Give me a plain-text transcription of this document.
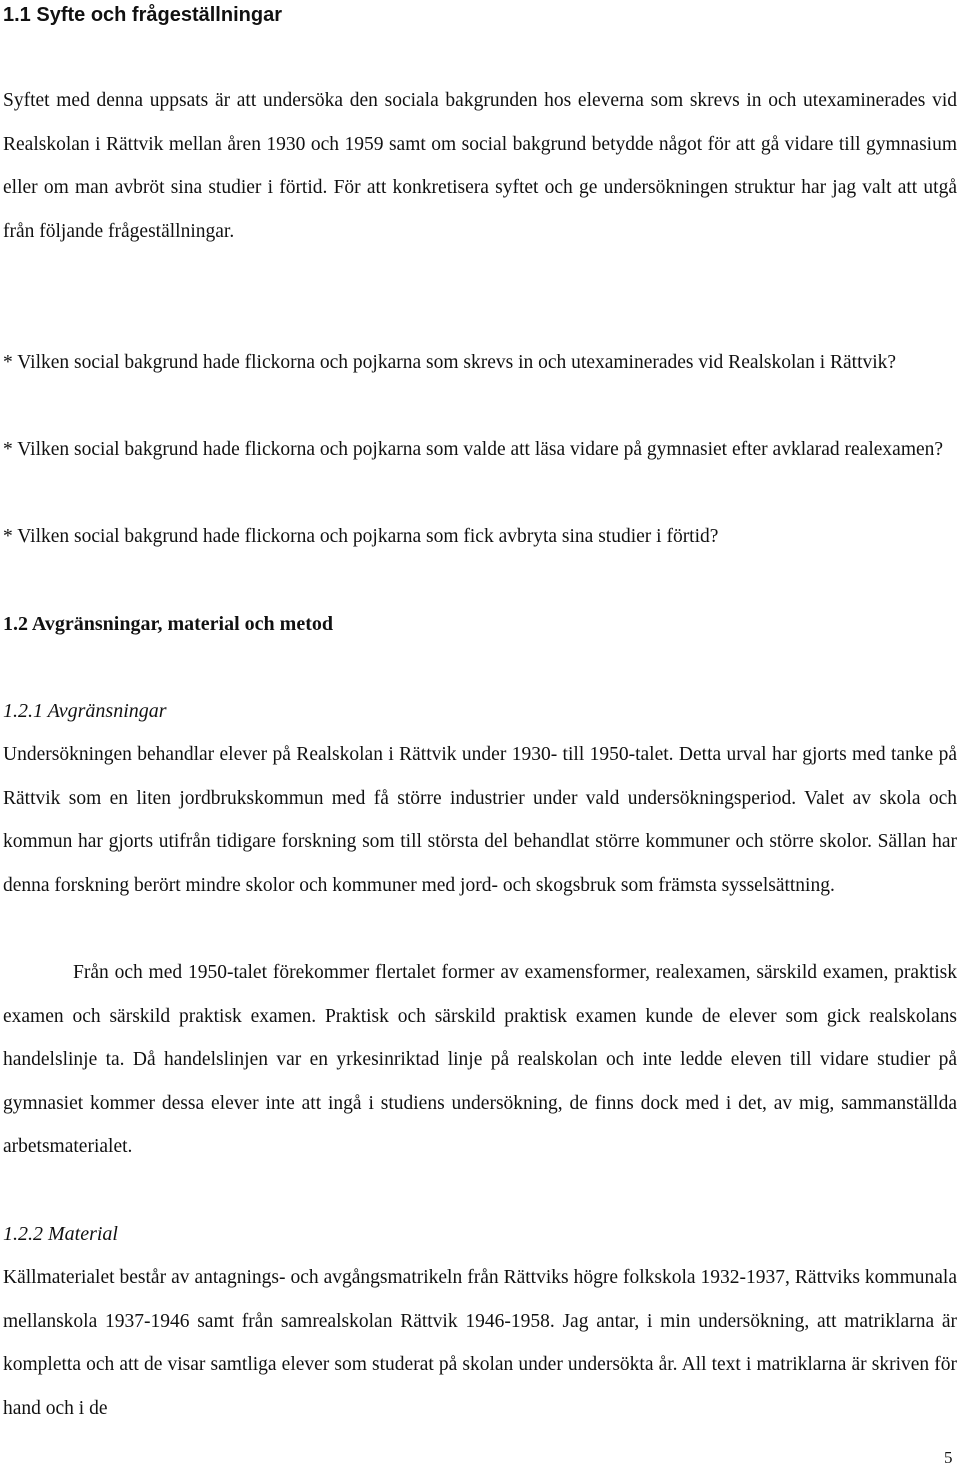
1.1 Syfte och frågeställningar

Syftet med denna uppsats är att undersöka den sociala bakgrunden hos eleverna som skrevs in och utexaminerades vid Realskolan i Rättvik mellan åren 1930 och 1959 samt om social bakgrund betydde något för att gå vidare till gymnasium eller om man avbröt sina studier i förtid. För att konkretisera syftet och ge undersökningen struktur har jag valt att utgå från följande frågeställningar.

* Vilken social bakgrund hade flickorna och pojkarna som skrevs in och utexaminerades vid Realskolan i Rättvik?

* Vilken social bakgrund hade flickorna och pojkarna som valde att läsa vidare på gymnasiet efter avklarad realexamen?

* Vilken social bakgrund hade flickorna och pojkarna som fick avbryta sina studier i förtid?

1.2 Avgränsningar, material och metod
1.2.1 Avgränsningar

Undersökningen behandlar elever på Realskolan i Rättvik under 1930- till 1950-talet. Detta urval har gjorts med tanke på Rättvik som en liten jordbrukskommun med få större industrier under vald undersökningsperiod. Valet av skola och kommun har gjorts utifrån tidigare forskning som till största del behandlat större kommuner och större skolor. Sällan har denna forskning berört mindre skolor och kommuner med jord- och skogsbruk som främsta sysselsättning.

Från och med 1950-talet förekommer flertalet former av examensformer, realexamen, särskild examen, praktisk examen och särskild praktisk examen. Praktisk och särskild praktisk examen kunde de elever som gick realskolans handelslinje ta. Då handelslinjen var en yrkesinriktad linje på realskolan och inte ledde eleven till vidare studier på gymnasiet kommer dessa elever inte att ingå i studiens undersökning, de finns dock med i det, av mig, sammanställda arbetsmaterialet.

1.2.2 Material

Källmaterialet består av antagnings- och avgångsmatrikeln från Rättviks högre folkskola 1932-1937, Rättviks kommunala mellanskola 1937-1946 samt från samrealskolan Rättvik 1946-1958. Jag antar, i min undersökning, att matriklarna är kompletta och att de visar samtliga elever som studerat på skolan under undersökta år. All text i matriklarna är skriven för hand och i de

5
